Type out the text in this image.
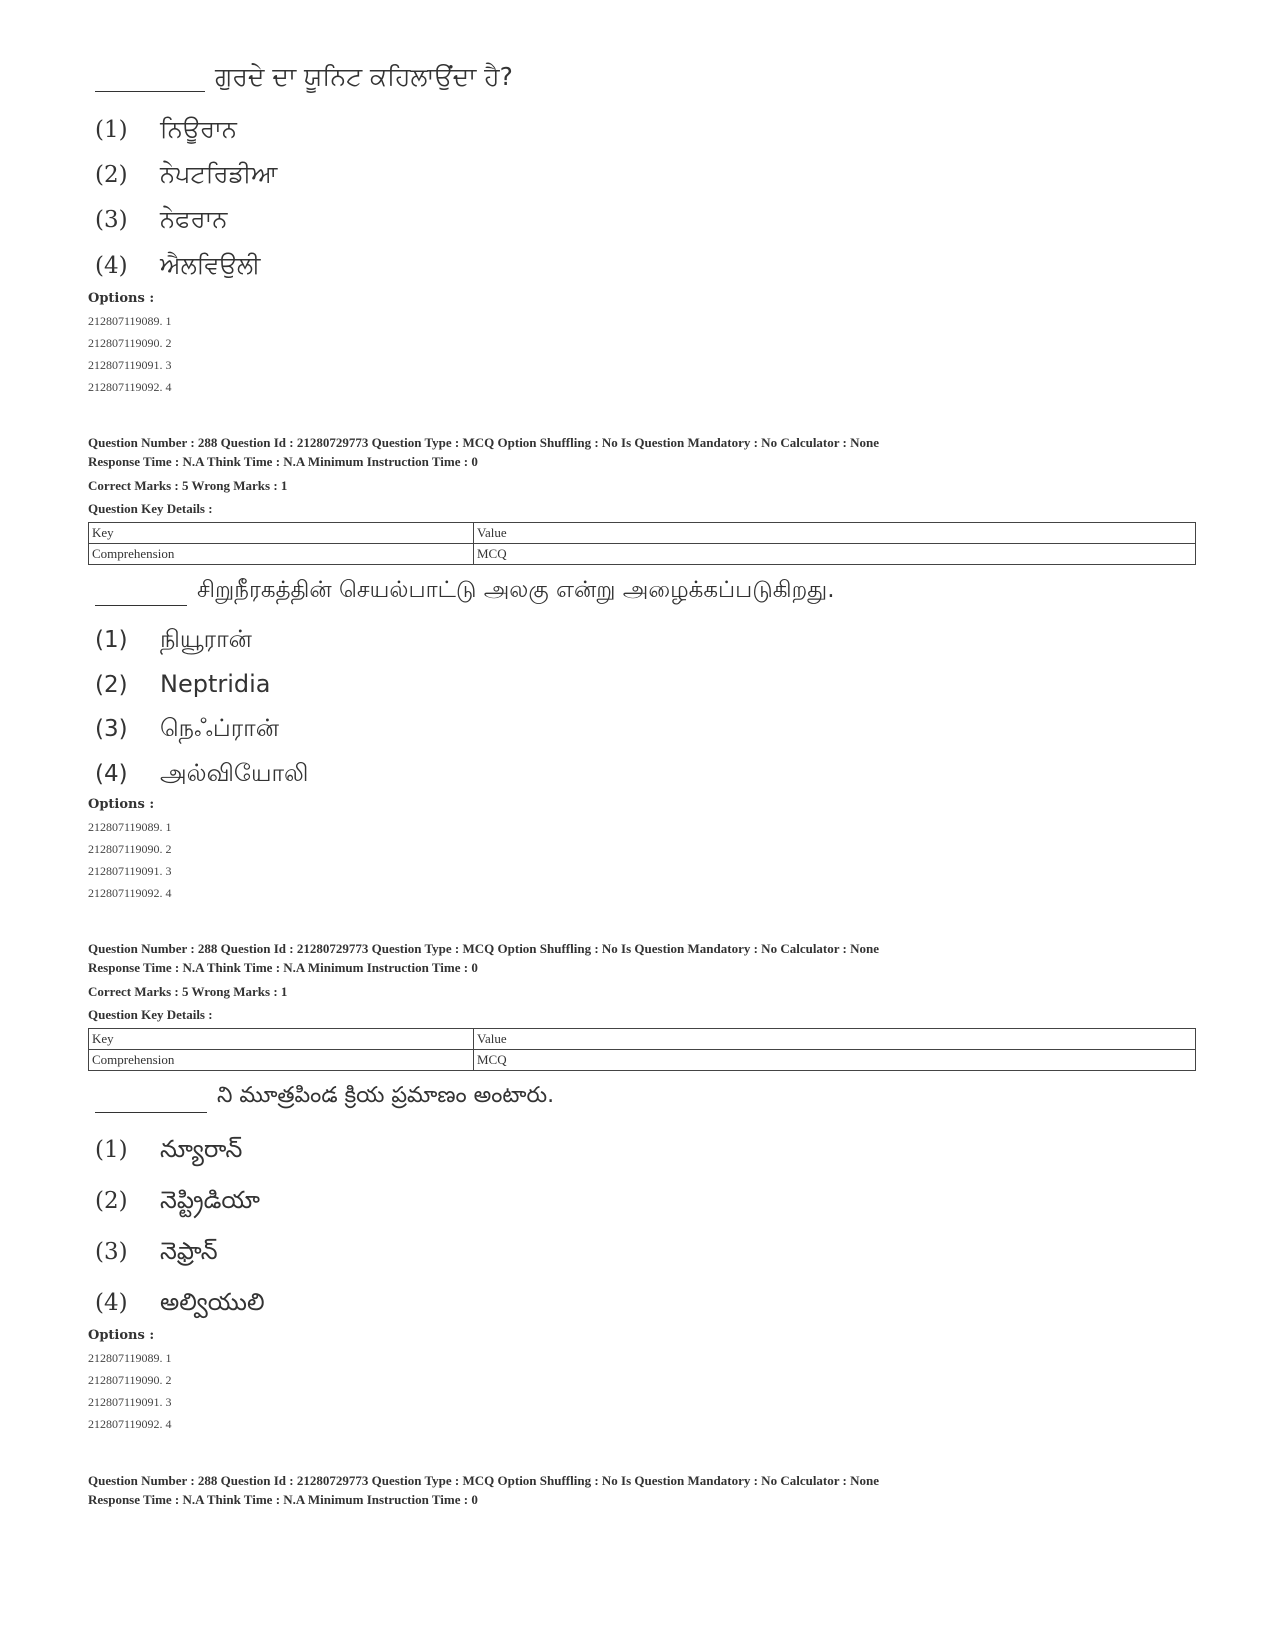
ਗੁਰਦੇ ਦਾ ਯੂਨਿਟ ਕਹਿਲਾਉਂਦਾ ਹੈ?
(1) ਨਿਊਰਾਨ
(2) ਨੇਪਟਰਿਡੀਆ
(3) ਨੇਫਰਾਨ
(4) ਐਲਵਿਉਲੀ
Options :
212807119089. 1
212807119090. 2
212807119091. 3
212807119092. 4
Question Number : 288 Question Id : 21280729773 Question Type : MCQ Option Shuffling : No Is Question Mandatory : No Calculator : None
Response Time : N.A Think Time : N.A Minimum Instruction Time : 0
Correct Marks : 5 Wrong Marks : 1
Question Key Details :
Key	Value
Comprehension	MCQ
சிறுநீரகத்தின் செயல்பாட்டு அலகு என்று அழைக்கப்படுகிறது.
(1) நியூரான்
(2) Neptridia
(3) நெஃப்ரான்
(4) அல்வியோலி
Options :
212807119089. 1
212807119090. 2
212807119091. 3
212807119092. 4
Question Number : 288 Question Id : 21280729773 Question Type : MCQ Option Shuffling : No Is Question Mandatory : No Calculator : None
Response Time : N.A Think Time : N.A Minimum Instruction Time : 0
Correct Marks : 5 Wrong Marks : 1
Question Key Details :
Key	Value
Comprehension	MCQ
ని మూత్రపిండ క్రియ ప్రమాణం అంటారు.
(1) న్యూరాన్
(2) నెప్ట్రిడియా
(3) నెఫ్రాన్
(4) అల్వియులి
Options :
212807119089. 1
212807119090. 2
212807119091. 3
212807119092. 4
Question Number : 288 Question Id : 21280729773 Question Type : MCQ Option Shuffling : No Is Question Mandatory : No Calculator : None
Response Time : N.A Think Time : N.A Minimum Instruction Time : 0
